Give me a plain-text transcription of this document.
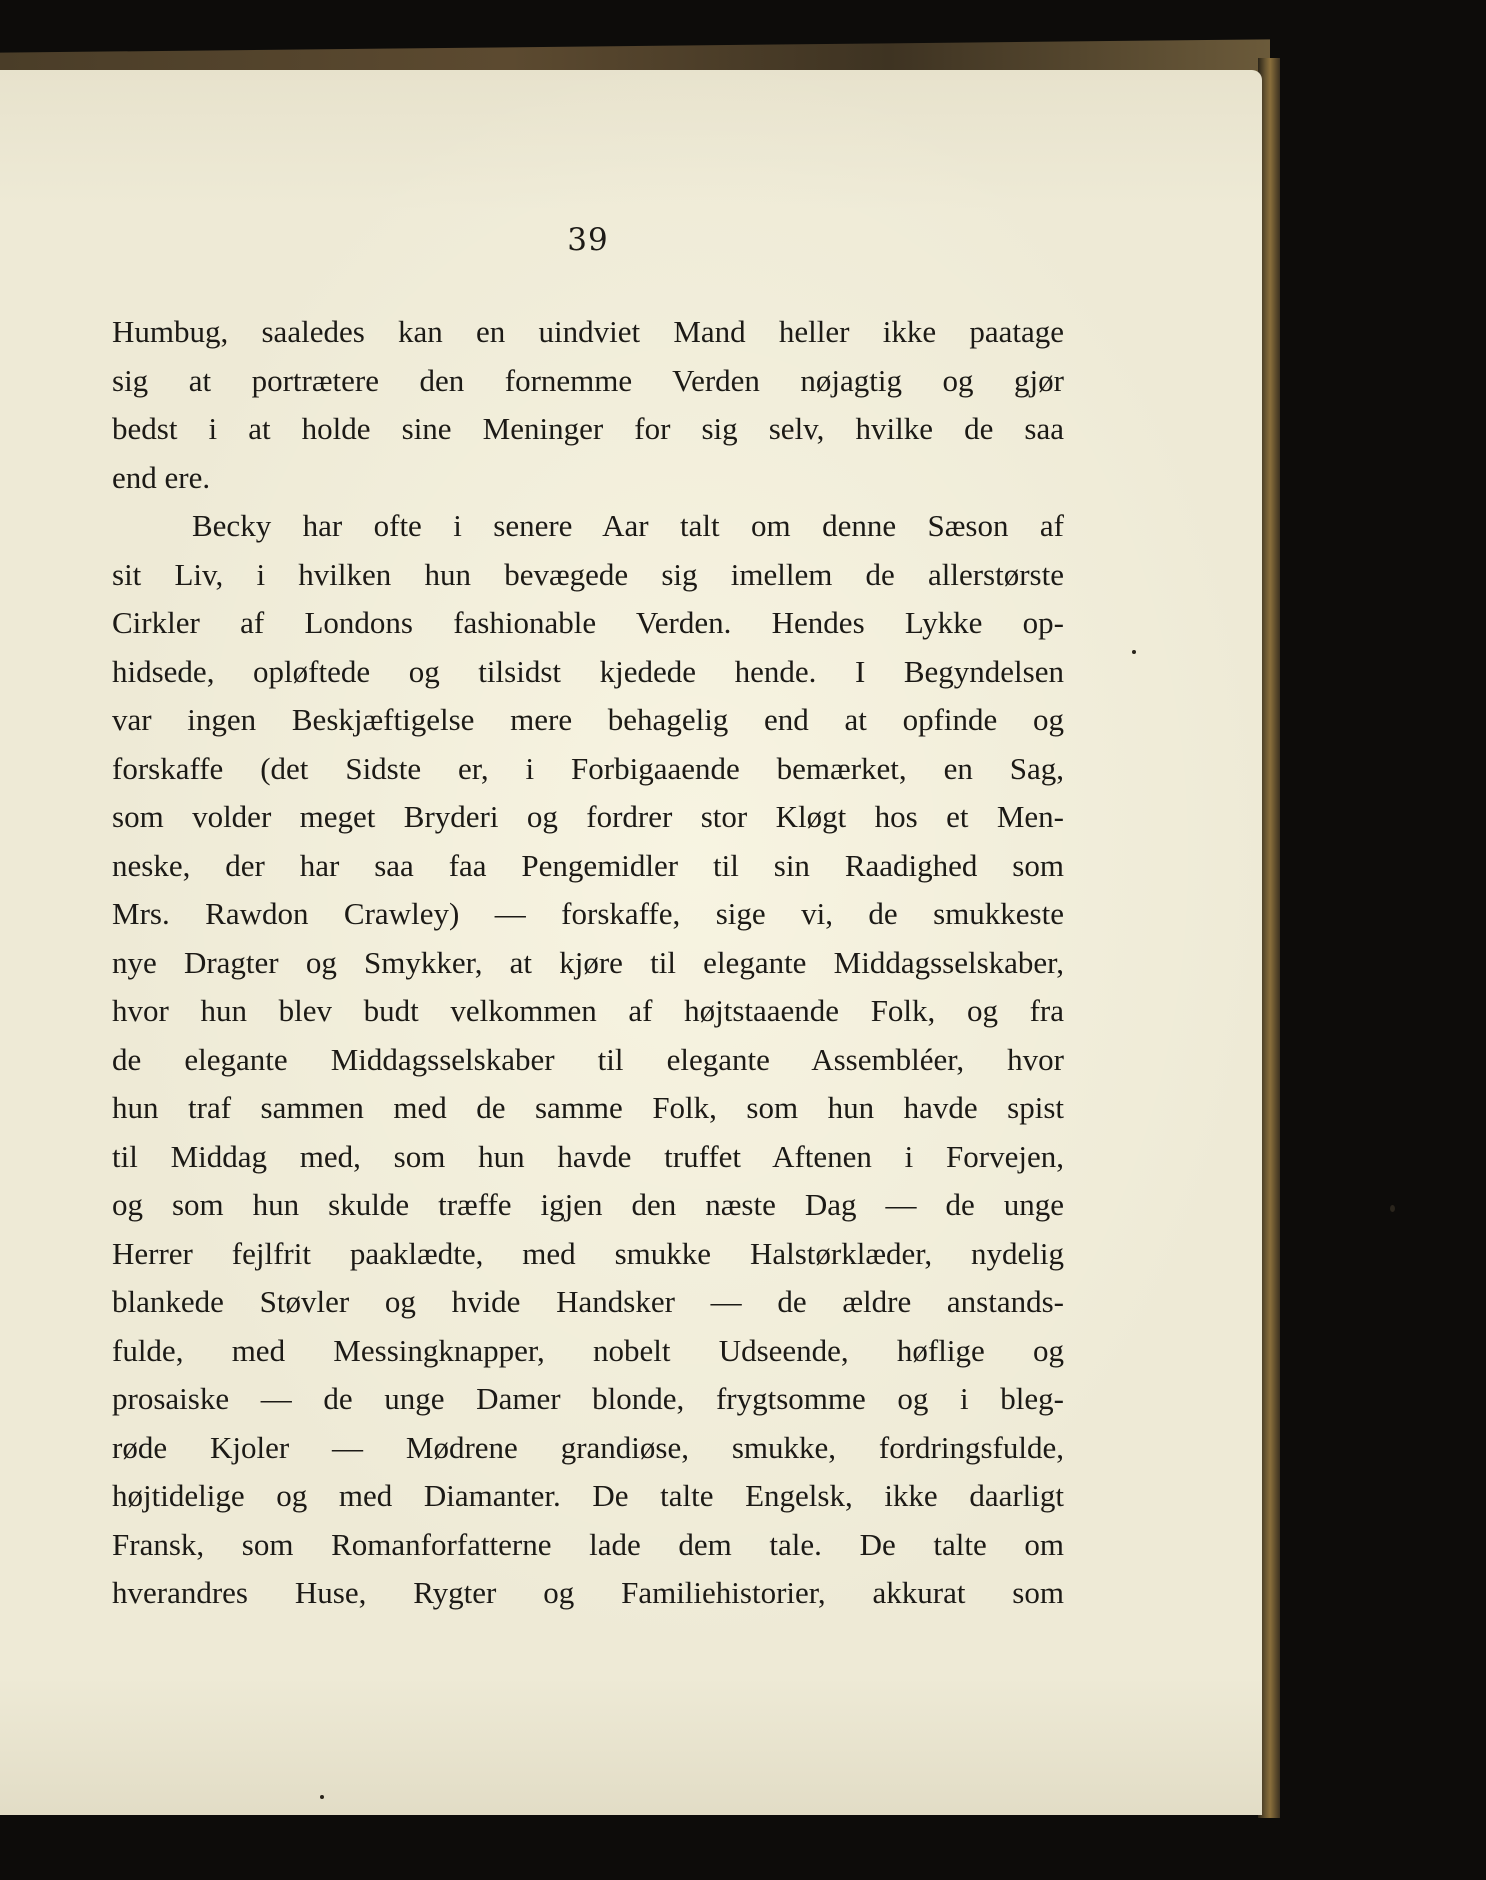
39
Humbug, saaledes kan en uindviet Mand heller ikke paatage
sig at portrætere den fornemme Verden nøjagtig og gjør
bedst i at holde sine Meninger for sig selv, hvilke de saa
end ere.
Becky har ofte i senere Aar talt om denne Sæson af
sit Liv, i hvilken hun bevægede sig imellem de allerstørste
Cirkler af Londons fashionable Verden. Hendes Lykke op-
hidsede, opløftede og tilsidst kjedede hende. I Begyndelsen
var ingen Beskjæftigelse mere behagelig end at opfinde og
forskaffe (det Sidste er, i Forbigaaende bemærket, en Sag,
som volder meget Bryderi og fordrer stor Kløgt hos et Men-
neske, der har saa faa Pengemidler til sin Raadighed som
Mrs. Rawdon Crawley) — forskaffe, sige vi, de smukkeste
nye Dragter og Smykker, at kjøre til elegante Middagsselskaber,
hvor hun blev budt velkommen af højtstaaende Folk, og fra
de elegante Middagsselskaber til elegante Assembléer, hvor
hun traf sammen med de samme Folk, som hun havde spist
til Middag med, som hun havde truffet Aftenen i Forvejen,
og som hun skulde træffe igjen den næste Dag — de unge
Herrer fejlfrit paaklædte, med smukke Halstørklæder, nydelig
blankede Støvler og hvide Handsker — de ældre anstands-
fulde, med Messingknapper, nobelt Udseende, høflige og
prosaiske — de unge Damer blonde, frygtsomme og i bleg-
røde Kjoler — Mødrene grandiøse, smukke, fordringsfulde,
højtidelige og med Diamanter. De talte Engelsk, ikke daarligt
Fransk, som Romanforfatterne lade dem tale. De talte om
hverandres Huse, Rygter og Familiehistorier, akkurat som
